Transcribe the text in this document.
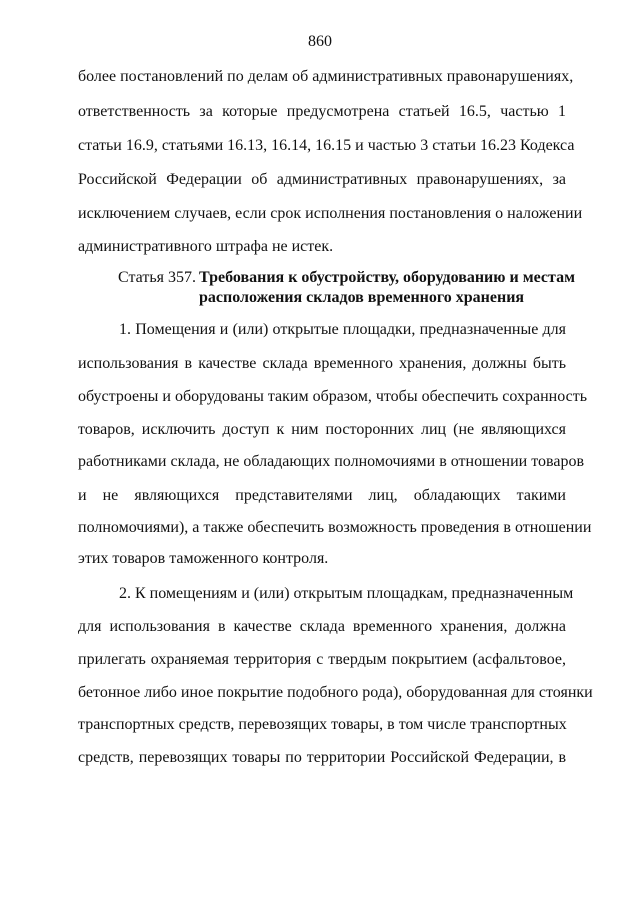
860
более постановлений по делам об административных правонарушениях,
ответственность за которые предусмотрена статьей 16.5, частью 1
статьи 16.9, статьями 16.13, 16.14, 16.15 и частью 3 статьи 16.23 Кодекса
Российской Федерации об административных правонарушениях, за
исключением случаев, если срок исполнения постановления о наложении
административного штрафа не истек.
Статья 357. Требования к обустройству, оборудованию и местам
расположения складов временного хранения
1. Помещения и (или) открытые площадки, предназначенные для
использования в качестве склада временного хранения, должны быть
обустроены и оборудованы таким образом, чтобы обеспечить сохранность
товаров, исключить доступ к ним посторонних лиц (не являющихся
работниками склада, не обладающих полномочиями в отношении товаров
и не являющихся представителями лиц, обладающих такими
полномочиями), а также обеспечить возможность проведения в отношении
этих товаров таможенного контроля.
2. К помещениям и (или) открытым площадкам, предназначенным
для использования в качестве склада временного хранения, должна
прилегать охраняемая территория с твердым покрытием (асфальтовое,
бетонное либо иное покрытие подобного рода), оборудованная для стоянки
транспортных средств, перевозящих товары, в том числе транспортных
средств, перевозящих товары по территории Российской Федерации, в
